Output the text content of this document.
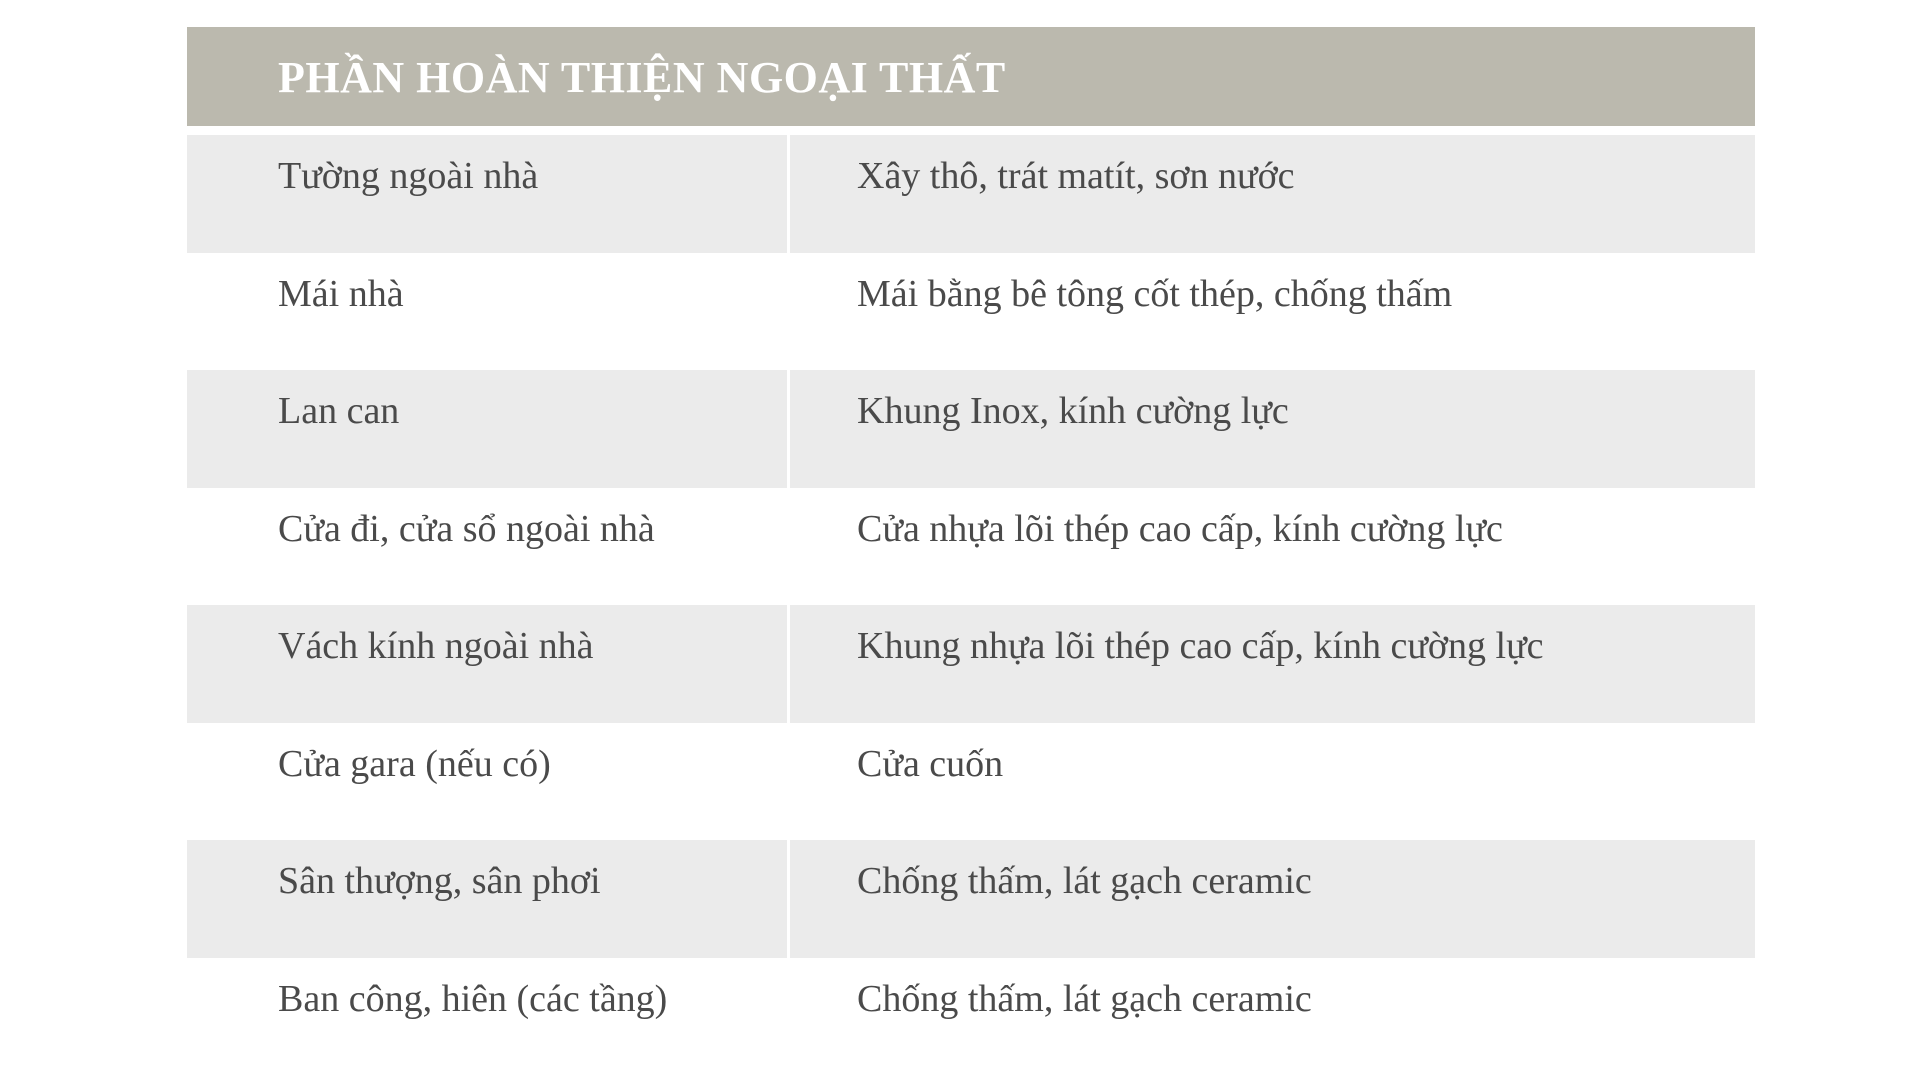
PHẦN HOÀN THIỆN NGOẠI THẤT
Tường ngoài nhà	Xây thô, trát matít, sơn nước
Mái nhà	Mái bằng bê tông cốt thép, chống thấm
Lan can	Khung Inox, kính cường lực
Cửa đi, cửa sổ ngoài nhà	Cửa nhựa lõi thép cao cấp, kính cường lực
Vách kính ngoài nhà	Khung nhựa lõi thép cao cấp, kính cường lực
Cửa gara (nếu có)	Cửa cuốn
Sân thượng, sân phơi	Chống thấm, lát gạch ceramic
Ban công, hiên (các tầng)	Chống thấm, lát gạch ceramic
